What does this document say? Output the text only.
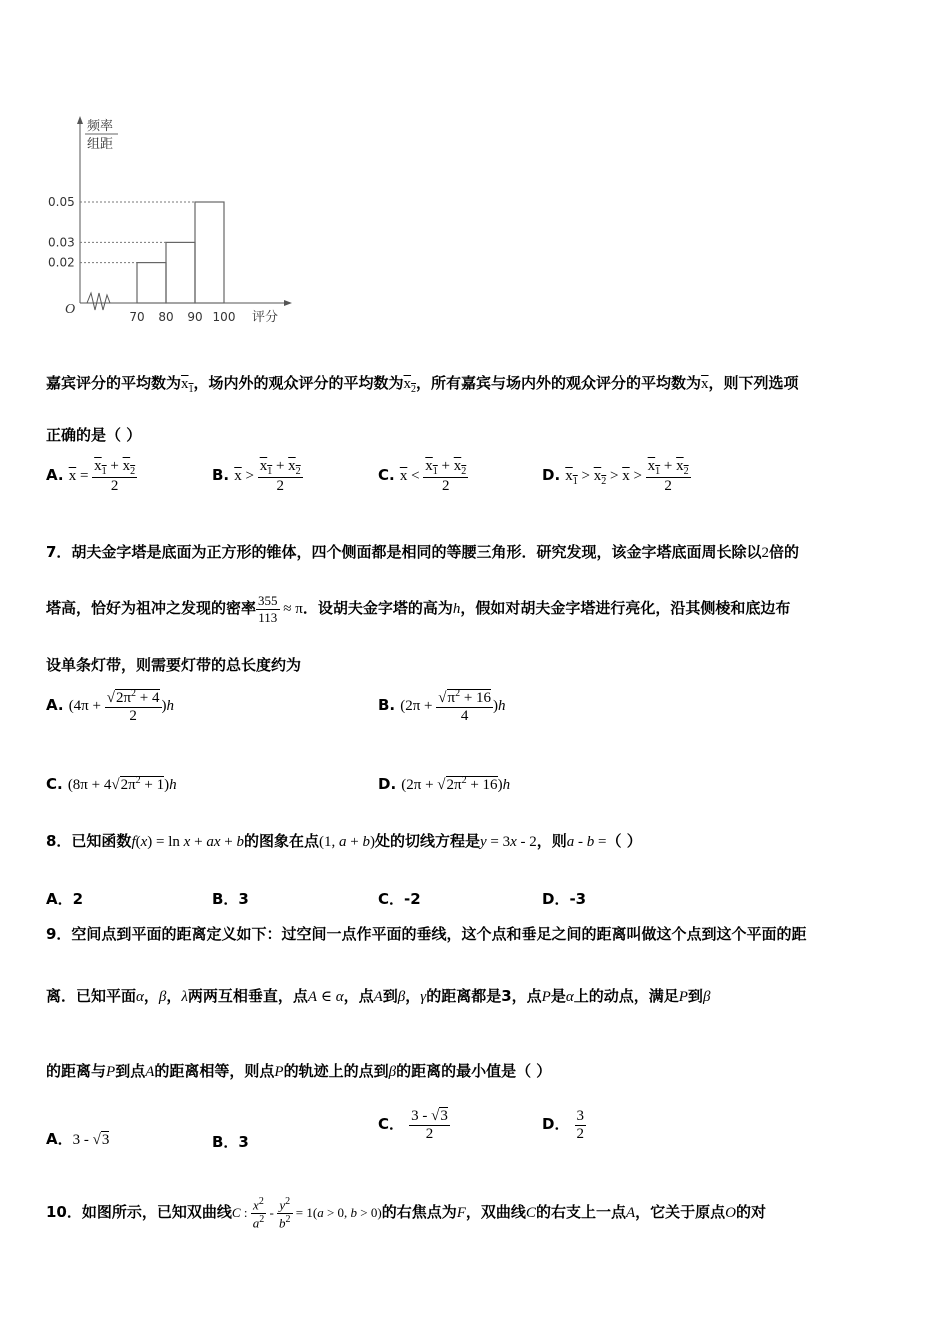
O
频率
组距
0.05
0.03
0.02
70 80 90 100 评分
嘉宾评分的平均数为$x_1$，场内外的观众评分的平均数为$x_2$，所有嘉宾与场内外的观众评分的平均数为$\overline{x}$，则下列选项
正确的是（ ）
A. $\overline{x} = \frac{x_1 + x_2}{2}$	B. $\overline{x} > \frac{x_1 + x_2}{2}$	C. $\overline{x} < \frac{x_1 + x_2}{2}$	D. $x_1 > x_2 > \overline{x} > \frac{x_1 + x_2}{2}$
7．胡夫金字塔是底面为正方形的锥体，四个侧面都是相同的等腰三角形．研究发现，该金字塔底面周长除以2倍的
塔高，恰好为祖冲之发现的密率 $\frac{355}{113} \approx \pi$．设胡夫金字塔的高为h，假如对胡夫金字塔进行亮化，沿其侧棱和底边布
设单条灯带，则需要灯带的总长度约为
A. $(4\pi + \frac{√2\pi^2 + 4}{2} )h$	B. $(2\pi + \frac{√\pi^2 + 16}{4} )h$
C. $(8\pi + 4√2\pi^2 + 1)h$	D. $(2\pi + √2\pi^2 + 16)h$
8．已知函数f(x) = ln x + ax + b的图象在点(1, a + b)处的切线方程是y = 3x - 2，则a - b =（ ）
A．2	B．3	C．-2	D．-3
9．空间点到平面的距离定义如下：过空间一点作平面的垂线，这个点和垂足之间的距离叫做这个点到这个平面的距
离．已知平面α，β，λ两两互相垂直，点A ∈ α，点A到β，γ的距离都是3，点P是α上的动点，满足P到β
的距离与P到点A的距离相等，则点P的轨迹上的点到β的距离的最小值是（ ）
A．3 - √3	B．3
C． $\frac{3 - √3}{2}$	D． $\frac{3}{2}$
10．如图所示，已知双曲线C : $\frac{x^2}{a^2} - \frac{y^2}{b^2} = 1(a > 0$, b > 0)的右焦点为F，双曲线C的右支上一点A，它关于原点O的对
